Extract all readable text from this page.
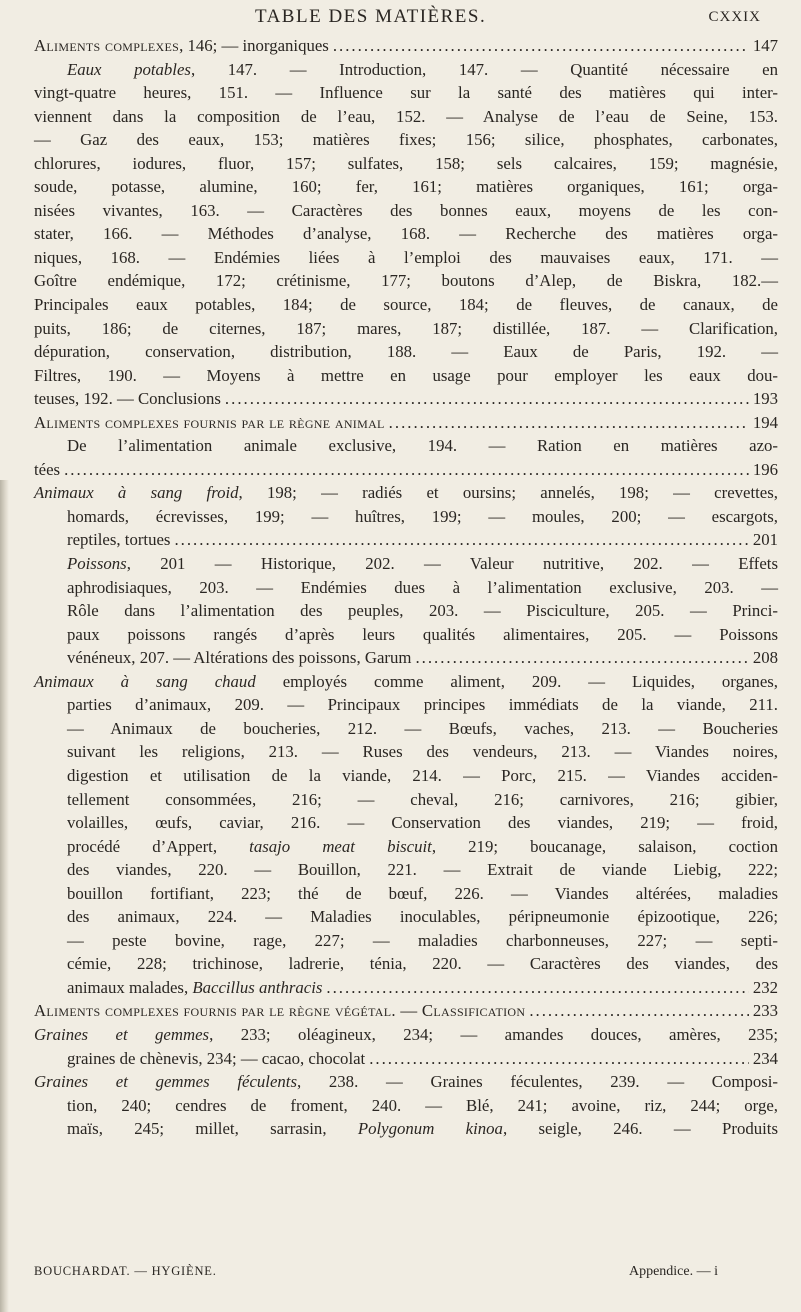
TABLE DES MATIÈRES.	CXXIX
Aliments complexes, 146; — inorganiques .....	147
Eaux potables, 147. — Introduction, 147. — Quantité nécessaire en
vingt-quatre heures, 151. — Influence sur la santé des matières qui inter-
viennent dans la composition de l’eau, 152. — Analyse de l’eau de Seine, 153.
— Gaz des eaux, 153; matières fixes; 156; silice, phosphates, carbonates,
chlorures, iodures, fluor, 157; sulfates, 158; sels calcaires, 159; magnésie,
soude, potasse, alumine, 160; fer, 161; matières organiques, 161; orga-
nisées vivantes, 163. — Caractères des bonnes eaux, moyens de les con-
stater, 166. — Méthodes d’analyse, 168. — Recherche des matières orga-
niques, 168. — Endémies liées à l’emploi des mauvaises eaux, 171. —
Goître endémique, 172; crétinisme, 177; boutons d’Alep, de Biskra, 182.—
Principales eaux potables, 184; de source, 184; de fleuves, de canaux, de
puits, 186; de citernes, 187; mares, 187; distillée, 187. — Clarification,
dépuration, conservation, distribution, 188. — Eaux de Paris, 192. —
Filtres, 190. — Moyens à mettre en usage pour employer les eaux dou-
teuses, 192. — Conclusions .....	193
Aliments complexes fournis par le règne animal .....	194
De l’alimentation animale exclusive, 194. — Ration en matières azo-
tées .....	196
Animaux à sang froid, 198; — radiés et oursins; annelés, 198; — crevettes,
homards, écrevisses, 199; — huîtres, 199; — moules, 200; — escargots,
reptiles, tortues .....	201
Poissons, 201 — Historique, 202. — Valeur nutritive, 202. — Effets
aphrodisiaques, 203. — Endémies dues à l’alimentation exclusive, 203. —
Rôle dans l’alimentation des peuples, 203. — Pisciculture, 205. — Princi-
paux poissons rangés d’après leurs qualités alimentaires, 205. — Poissons
vénéneux, 207. — Altérations des poissons, Garum .....	208
Animaux à sang chaud employés comme aliment, 209. — Liquides, organes,
parties d’animaux, 209. — Principaux principes immédiats de la viande, 211.
— Animaux de boucheries, 212. — Bœufs, vaches, 213. — Boucheries
suivant les religions, 213. — Ruses des vendeurs, 213. — Viandes noires,
digestion et utilisation de la viande, 214. — Porc, 215. — Viandes acciden-
tellement consommées, 216; — cheval, 216; carnivores, 216; gibier,
volailles, œufs, caviar, 216. — Conservation des viandes, 219; — froid,
procédé d’Appert, tasajo meat biscuit, 219; boucanage, salaison, coction
des viandes, 220. — Bouillon, 221. — Extrait de viande Liebig, 222;
bouillon fortifiant, 223; thé de bœuf, 226. — Viandes altérées, maladies
des animaux, 224. — Maladies inoculables, péripneumonie épizootique, 226;
— peste bovine, rage, 227; — maladies charbonneuses, 227; — septi-
cémie, 228; trichinose, ladrerie, ténia, 220. — Caractères des viandes, des
animaux malades, Baccillus anthracis .....	232
Aliments complexes fournis par le règne végétal. — Classification .....	233
Graines et gemmes, 233; oléagineux, 234; — amandes douces, amères, 235;
graines de chènevis, 234; — cacao, chocolat .....	234
Graines et gemmes féculents, 238. — Graines féculentes, 239. — Composi-
tion, 240; cendres de froment, 240. — Blé, 241; avoine, riz, 244; orge,
maïs, 245; millet, sarrasin, Polygonum kinoa, seigle, 246. — Produits
BOUCHARDAT. — HYGIÈNE.	Appendice. — i
